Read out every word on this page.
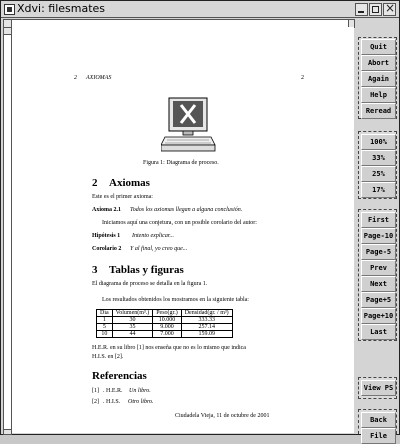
Xdvi: filesmates
×
2 AXIOMAS	2
Figura 1: Diagrama de proceso.
2 Axiomas
Este es el primer axioma:
Axioma 2.1 Todos los axiomas llegan a alguna conclusión.
Iniciamos aquí una conjetura, con un posible corolario del autor:
Hipótesis 1 Intento explicar...
Corolario 2 Y al final, yo creo que...
3 Tablas y figuras
El diagrama de proceso se detalla en la figura 1.
Los resultados obtenidos los mostramos en la siguiente tabla:
Día	Volumen(m³.)	Peso(gr.)	Densidad(gr. / m³)
1	30	10.000	333.33
5	35	9.000	257.14
10	44	7.000	159.09
H.E.R. en su libro [1] nos enseña que no es lo mismo que indica
H.I.S. en [2].
Referencias
[1] . H.E.R. Un libro.
[2] . H.I.S. Otro libro.
Ciudadela Vieja, 11 de octubre de 2001
Quit
Abort
Again
Help
Reread
100%
33%
25%
17%
First
Page-10
Page-5
Prev
Next
Page+5
Page+10
Last
View PS
Back
File
